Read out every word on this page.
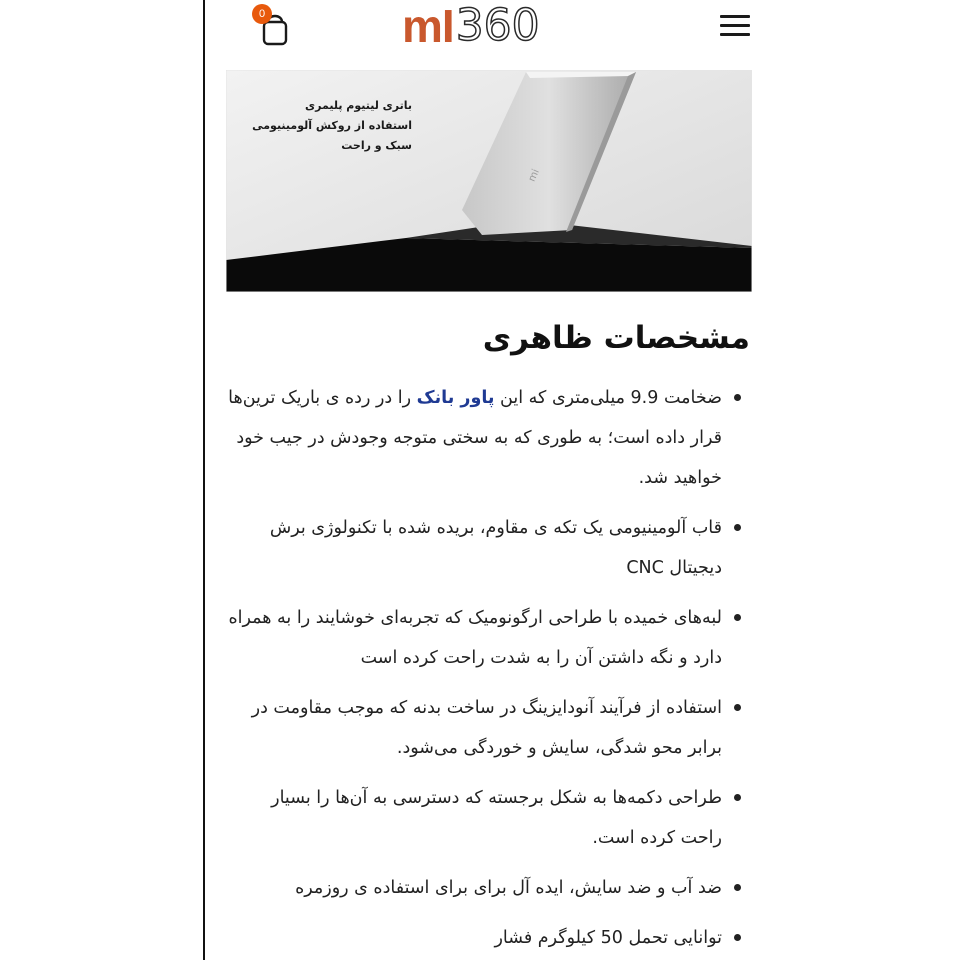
0	mI 360
باتری لیتیوم پلیمری
استفاده از روکش آلومینیومی
سبک و راحت
mi
مشخصات ظاهری
ضخامت 9.9 میلی‌متری که این پاور بانک را در رده ی باریک ترین‌ها قرار داده است؛ به طوری که به سختی متوجه وجودش در جیب خود خواهید شد.
قاب آلومینیومی یک تکه ی مقاوم، بریده شده با تکنولوژی برش دیجیتال CNC
لبه‌های خمیده با طراحی ارگونومیک که تجربه‌ای خوشایند را به همراه دارد و نگه داشتن آن را به شدت راحت کرده است
استفاده از فرآیند آنودایزینگ در ساخت بدنه که موجب مقاومت در برابر محو شدگی، سایش و خوردگی می‌شود.
طراحی دکمه‌ها به شکل برجسته که دسترسی به آن‌ها را بسیار راحت کرده است.
ضد آب و ضد سایش، ایده آل برای برای استفاده ی روزمره
توانایی تحمل 50 کیلوگرم فشار
